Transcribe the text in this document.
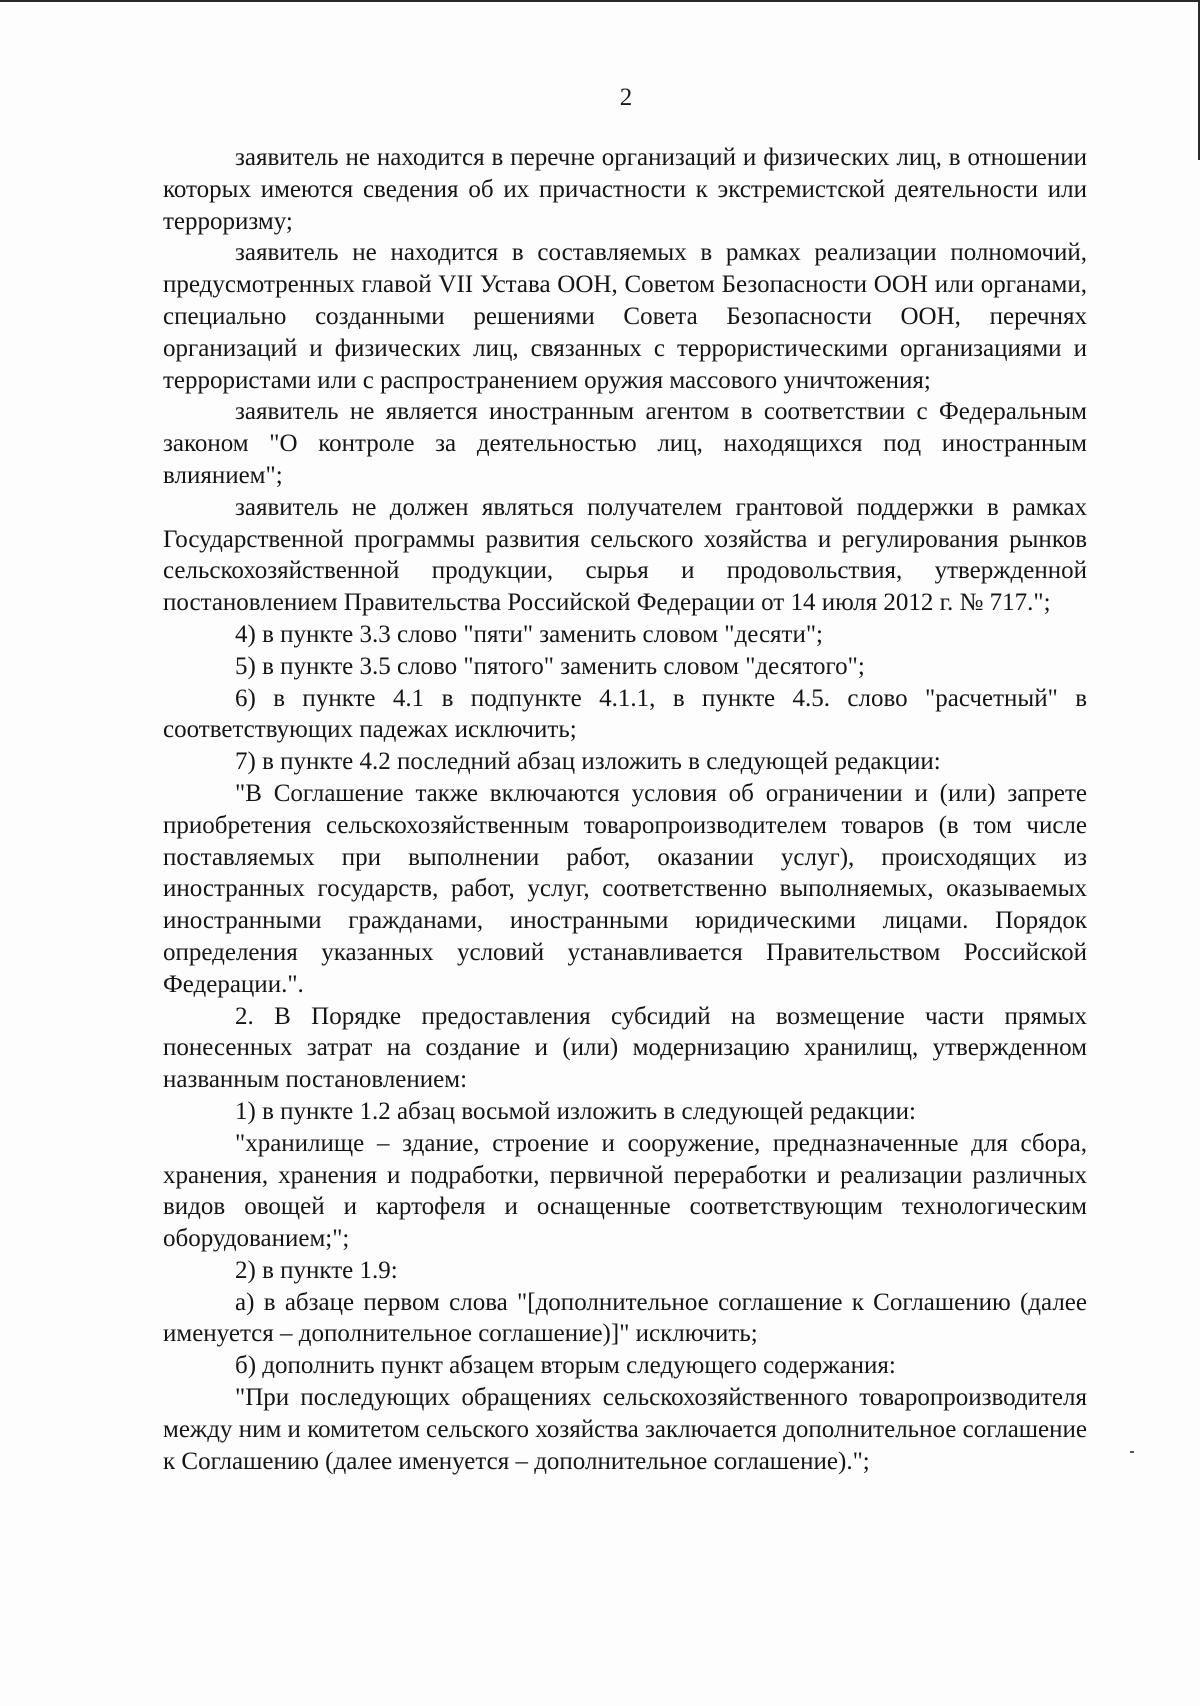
2

заявитель не находится в перечне организаций и физических лиц, в отношении которых имеются сведения об их причастности к экстремистской деятельности или терроризму;

заявитель не находится в составляемых в рамках реализации полномочий, предусмотренных главой VII Устава ООН, Советом Безопасности ООН или органами, специально созданными решениями Совета Безопасности ООН, перечнях организаций и физических лиц, связанных с террористическими организациями и террористами или с распространением оружия массового уничтожения;

заявитель не является иностранным агентом в соответствии с Федеральным законом "О контроле за деятельностью лиц, находящихся под иностранным влиянием";

заявитель не должен являться получателем грантовой поддержки в рамках Государственной программы развития сельского хозяйства и регулирования рынков сельскохозяйственной продукции, сырья и продовольствия, утвержденной постановлением Правительства Российской Федерации от 14 июля 2012 г. № 717.";

4) в пункте 3.3 слово "пяти" заменить словом "десяти";

5) в пункте 3.5 слово "пятого" заменить словом "десятого";

6) в пункте 4.1 в подпункте 4.1.1, в пункте 4.5. слово "расчетный" в соответствующих падежах исключить;

7) в пункте 4.2 последний абзац изложить в следующей редакции:

"В Соглашение также включаются условия об ограничении и (или) запрете приобретения сельскохозяйственным товаропроизводителем товаров (в том числе поставляемых при выполнении работ, оказании услуг), происходящих из иностранных государств, работ, услуг, соответственно выполняемых, оказываемых иностранными гражданами, иностранными юридическими лицами. Порядок определения указанных условий устанавливается Правительством Российской Федерации.".

2. В Порядке предоставления субсидий на возмещение части прямых понесенных затрат на создание и (или) модернизацию хранилищ, утвержденном названным постановлением:

1) в пункте 1.2 абзац восьмой изложить в следующей редакции:

"хранилище – здание, строение и сооружение, предназначенные для сбора, хранения, хранения и подработки, первичной переработки и реализации различных видов овощей и картофеля и оснащенные соответствующим технологическим оборудованием;";

2) в пункте 1.9:

а) в абзаце первом слова "[дополнительное соглашение к Соглашению (далее именуется – дополнительное соглашение)]" исключить;

б) дополнить пункт абзацем вторым следующего содержания:

"При последующих обращениях сельскохозяйственного товаропроизводителя между ним и комитетом сельского хозяйства заключается дополнительное соглашение к Соглашению (далее именуется – дополнительное соглашение).";
